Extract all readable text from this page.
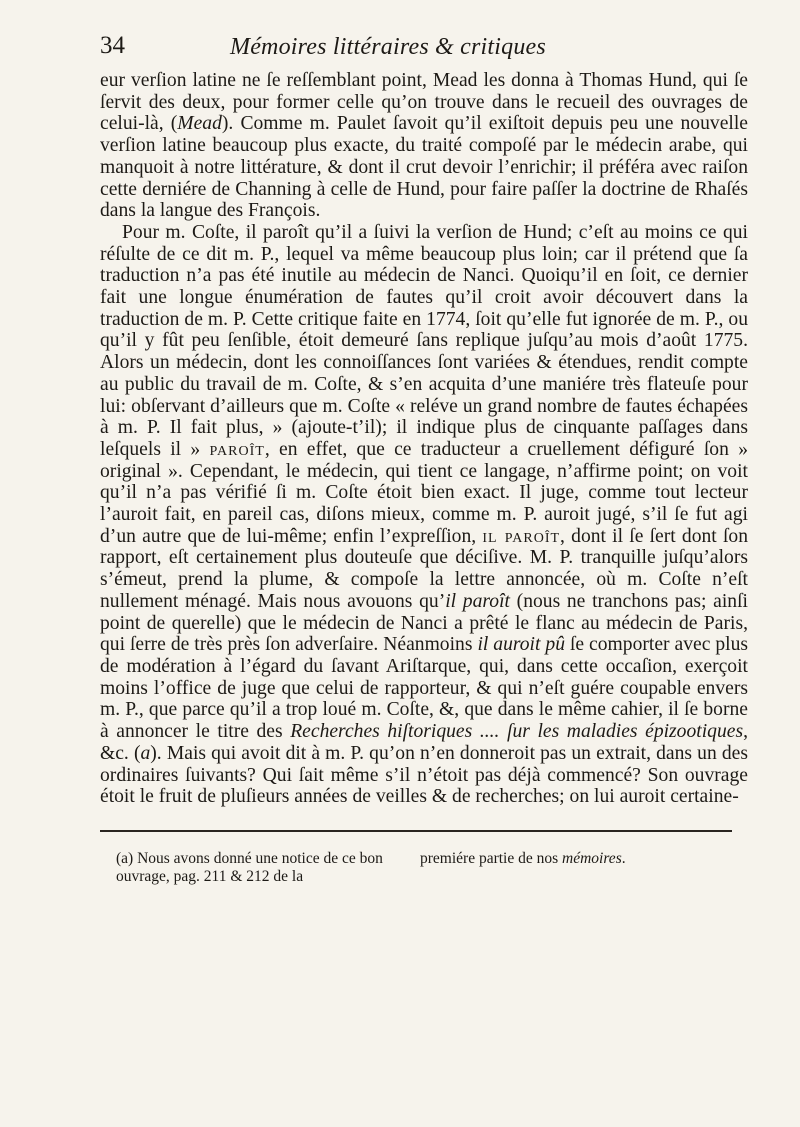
34	Mémoires littéraires & critiques

eur verſion latine ne ſe reſſemblant point, Mead les donna à Thomas Hund, qui ſe ſervit des deux, pour former celle qu’on trouve dans le recueil des ouvrages de celui-là, (Mead). Comme m. Paulet ſavoit qu’il exiſtoit depuis peu une nouvelle verſion latine beaucoup plus exacte, du traité compoſé par le médecin arabe, qui manquoit à notre littérature, & dont il crut devoir l’enrichir; il préféra avec raiſon cette derniére de Channing à celle de Hund, pour faire paſſer la doctrine de Rhaſés dans la langue des François.

Pour m. Coſte, il paroît qu’il a ſuivi la verſion de Hund; c’eſt au moins ce qui réſulte de ce dit m. P., lequel va même beaucoup plus loin; car il prétend que ſa traduction n’a pas été inutile au médecin de Nanci. Quoiqu’il en ſoit, ce dernier fait une longue énumération de fautes qu’il croit avoir découvert dans la traduction de m. P. Cette critique faite en 1774, ſoit qu’elle fut ignorée de m. P., ou qu’il y fût peu ſenſible, étoit demeuré ſans replique juſqu’au mois d’août 1775. Alors un médecin, dont les connoiſſances ſont variées & étendues, rendit compte au public du travail de m. Coſte, & s’en acquita d’une maniére très flateuſe pour lui: obſervant d’ailleurs que m. Coſte « reléve un grand nombre de fautes échapées à m. P. Il fait plus, » (ajoute-t’il); il indique plus de cinquante paſſages dans leſquels il » paroît, en effet, que ce traducteur a cruellement défiguré ſon » original ». Cependant, le médecin, qui tient ce langage, n’affirme point; on voit qu’il n’a pas vérifié ſi m. Coſte étoit bien exact. Il juge, comme tout lecteur l’auroit fait, en pareil cas, diſons mieux, comme m. P. auroit jugé, s’il ſe fut agi d’un autre que de lui-même; enfin l’expreſſion, il paroît, dont il ſe ſert dont ſon rapport, eſt certainement plus douteuſe que déciſive. M. P. tranquille juſqu’alors s’émeut, prend la plume, & compoſe la lettre annoncée, où m. Coſte n’eſt nullement ménagé. Mais nous avouons qu’il paroît (nous ne tranchons pas; ainſi point de querelle) que le médecin de Nanci a prêté le flanc au médecin de Paris, qui ſerre de très près ſon adverſaire. Néanmoins il auroit pû ſe comporter avec plus de modération à l’égard du ſavant Ariſtarque, qui, dans cette occaſion, exerçoit moins l’office de juge que celui de rapporteur, & qui n’eſt guére coupable envers m. P., que parce qu’il a trop loué m. Coſte, &, que dans le même cahier, il ſe borne à annoncer le titre des Recherches hiſtoriques .... ſur les maladies épizootiques, &c. (a). Mais qui avoit dit à m. P. qu’on n’en donneroit pas un extrait, dans un des ordinaires ſuivants? Qui ſait même s’il n’étoit pas déjà commencé? Son ouvrage étoit le fruit de pluſieurs années de veilles & de recherches; on lui auroit certaine-

(a) Nous avons donné une notice de ce bon ouvrage, pag. 211 & 212 de la
premiére partie de nos mémoires.
